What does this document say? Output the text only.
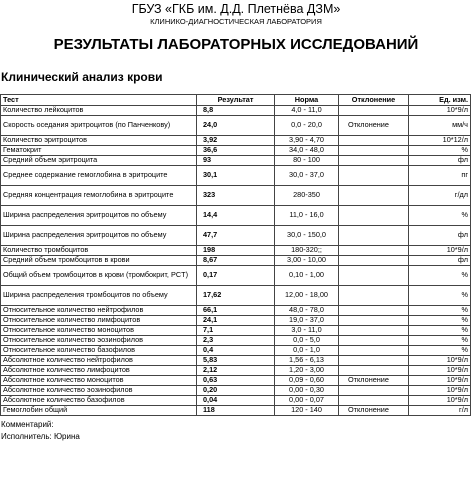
ГБУЗ «ГКБ им. Д.Д. Плетнёва ДЗМ»
КЛИНИКО-ДИАГНОСТИЧЕСКАЯ ЛАБОРАТОРИЯ
РЕЗУЛЬТАТЫ ЛАБОРАТОРНЫХ ИССЛЕДОВАНИЙ
Клинический анализ крови
Тест	Результат	Норма	Отклонение	Ед. изм.
Количество лейкоцитов	8,8	4,0 - 11,0		10*9/л
Скорость оседания эритроцитов (по Панченкову)	24,0	0,0 - 20,0	Отклонение	мм/ч
Количество эритроцитов	3,92	3,90 - 4,70		10*12/л
Гематокрит	36,6	34,0 - 48,0		%
Средний объем эритроцита	93	80 - 100		фл
Среднее содержание гемоглобина в эритроците	30,1	30,0 - 37,0		пг
Средняя концентрация гемоглобина в эритроците	323	280-350		г/дл
Ширина распределения эритроцитов по объему	14,4	11,0 - 16,0		%
Ширина распределения эритроцитов по объему	47,7	30,0 - 150,0		фл
Количество тромбоцитов	198	180-320;;		10*9/л
Средний объем тромбоцитов в крови	8,67	3,00 - 10,00		фл
Общий объем тромбоцитов в крови (тромбокрит, PCT)	0,17	0,10 - 1,00		%
Ширина распределения тромбоцитов по объему	17,62	12,00 - 18,00		%
Относительное количество нейтрофилов	66,1	48,0 - 78,0		%
Относительное количество лимфоцитов	24,1	19,0 - 37,0		%
Относительное количество моноцитов	7,1	3,0 - 11,0		%
Относительное количество эозинофилов	2,3	0,0 - 5,0		%
Относительное количество базофилов	0,4	0,0 - 1,0		%
Абсолютное количество нейтрофилов	5,83	1,56 - 6,13		10*9/л
Абсолютное количество лимфоцитов	2,12	1,20 - 3,00		10*9/л
Абсолютное количество моноцитов	0,63	0,09 - 0,60	Отклонение	10*9/л
Абсолютное количество эозинофилов	0,20	0,00 - 0,30		10*9/л
Абсолютное количество базофилов	0,04	0,00 - 0,07		10*9/л
Гемоглобин общий	118	120 - 140	Отклонение	г/л
Комментарий:
Исполнитель: Юрина
